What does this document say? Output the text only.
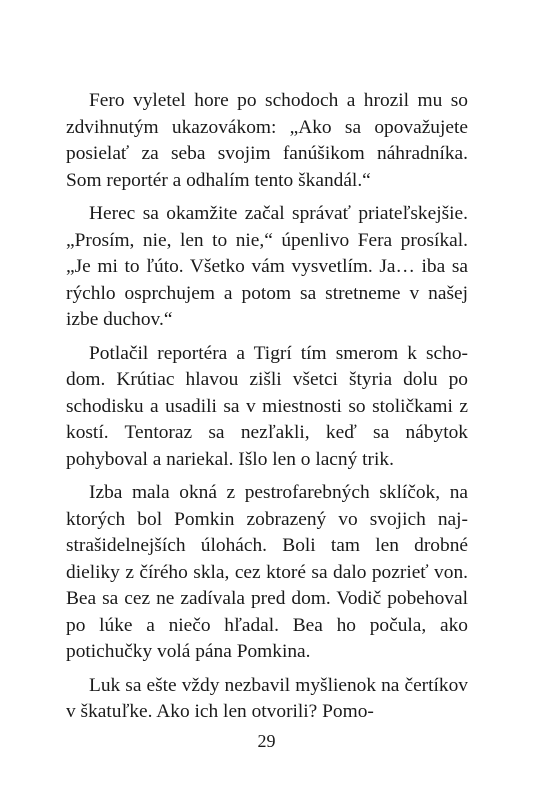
Fero vyletel hore po schodoch a hrozil mu so zdvihnutým ukazovákom: „Ako sa opovažujete posielať za seba svojim fanúšikom náhradníka. Som reportér a odhalím tento škandál.“

Herec sa okamžite začal správať priateľskejšie. „Prosím, nie, len to nie,“ úpenlivo Fera prosíkal. „Je mi to ľúto. Všetko vám vysvetlím. Ja… iba sa rýchlo osprchujem a potom sa stretneme v našej izbe duchov.“

Potlačil reportéra a Tigrí tím smerom k schodom. Krútiac hlavou zišli všetci štyria dolu po schodisku a usadili sa v miestnosti so stoličkami z kostí. Tentoraz sa nezľakli, keď sa nábytok pohyboval a nariekal. Išlo len o lacný trik.

Izba mala okná z pestrofarebných sklíčok, na ktorých bol Pomkin zobrazený vo svojich najstrašidelnejších úlohách. Boli tam len drobné dieliky z čírého skla, cez ktoré sa dalo pozrieť von. Bea sa cez ne zadívala pred dom. Vodič pobehoval po lúke a niečo hľadal. Bea ho počula, ako potichučky volá pána Pomkina.

Luk sa ešte vždy nezbavil myšlienok na čertíkov v škatuľke. Ako ich len otvorili? Pomo-

29
